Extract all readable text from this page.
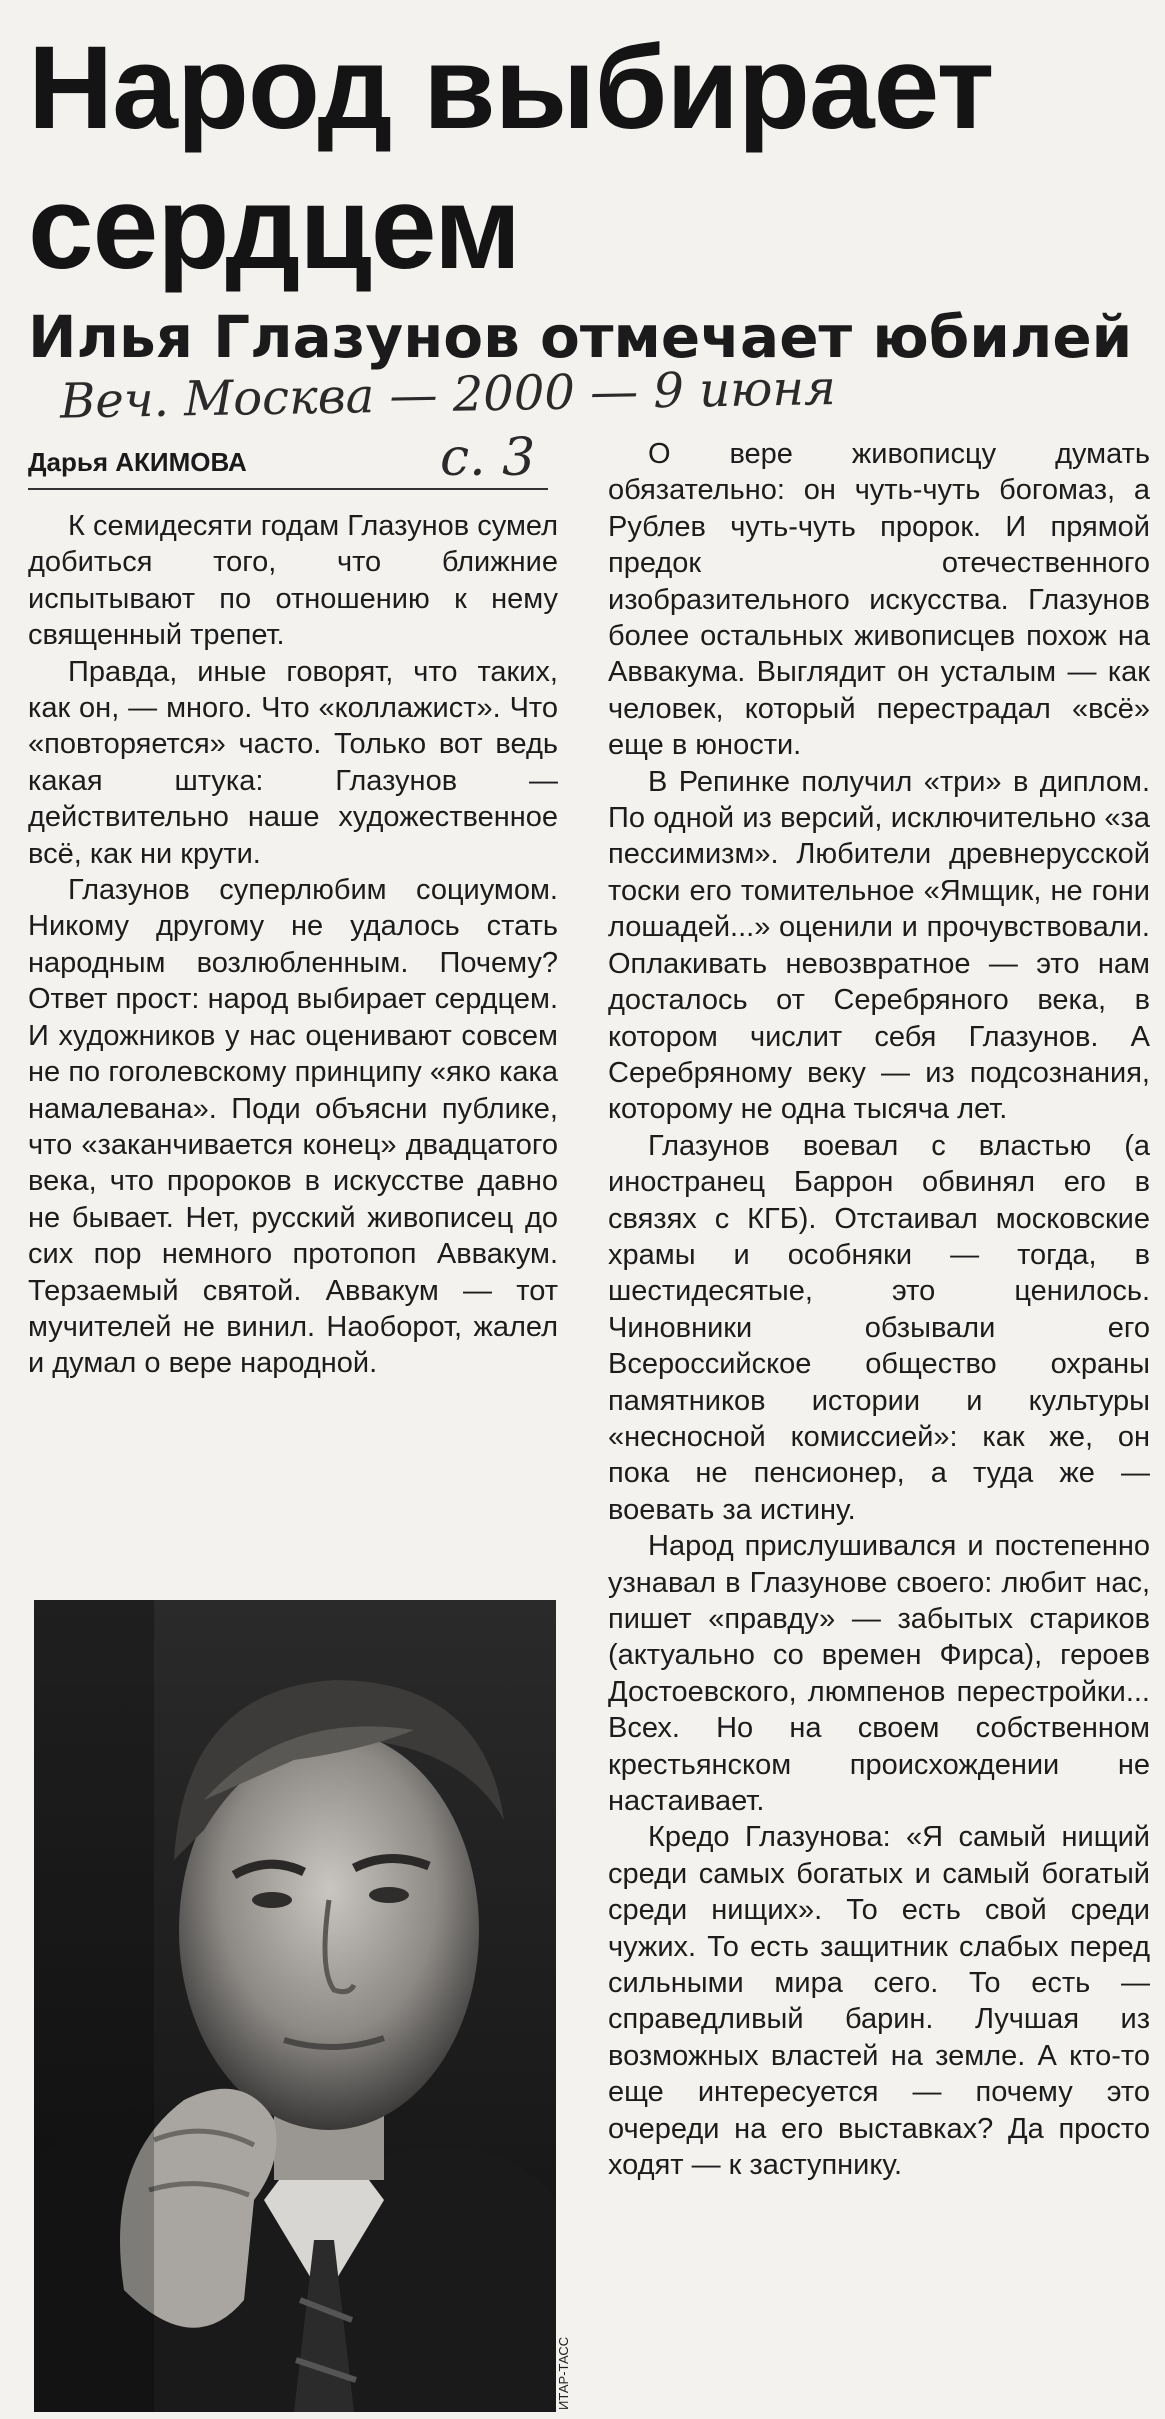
Народ выбирает
сердцем
Илья Глазунов отмечает юбилей
Веч. Москва — 2000 — 9 июня
Дарья АКИМОВА	с. 3

К семидесяти годам Глазунов сумел добиться того, что ближние испытывают по отношению к нему священный трепет.

Правда, иные говорят, что таких, как он, — много. Что «коллажист». Что «повторяется» часто. Только вот ведь какая штука: Глазунов — действительно наше художественное всё, как ни крути.

Глазунов суперлюбим социумом. Никому другому не удалось стать народным возлюбленным. Почему? Ответ прост: народ выбирает сердцем. И художников у нас оценивают совсем не по гоголевскому принципу «яко кака намалевана». Поди объясни публике, что «заканчивается конец» двадцатого века, что пророков в искусстве давно не бывает. Нет, русский живописец до сих пор немного протопоп Аввакум. Терзаемый святой. Аввакум — тот мучителей не винил. Наоборот, жалел и думал о вере народной.

ИТАР-ТАСС

О вере живописцу думать обязательно: он чуть-чуть богомаз, а Рублев чуть-чуть пророк. И прямой предок отечественного изобразительного искусства. Глазунов более остальных живописцев похож на Аввакума. Выглядит он усталым — как человек, который перестрадал «всё» еще в юности.

В Репинке получил «три» в диплом. По одной из версий, исключительно «за пессимизм». Любители древнерусской тоски его томительное «Ямщик, не гони лошадей...» оценили и прочувствовали. Оплакивать невозвратное — это нам досталось от Серебряного века, в котором числит себя Глазунов. А Серебряному веку — из подсознания, которому не одна тысяча лет.

Глазунов воевал с властью (а иностранец Баррон обвинял его в связях с КГБ). Отстаивал московские храмы и особняки — тогда, в шестидесятые, это ценилось. Чиновники обзывали его Всероссийское общество охраны памятников истории и культуры «несносной комиссией»: как же, он пока не пенсионер, а туда же — воевать за истину.

Народ прислушивался и постепенно узнавал в Глазунове своего: любит нас, пишет «правду» — забытых стариков (актуально со времен Фирса), героев Достоевского, люмпенов перестройки... Всех. Но на своем собственном крестьянском происхождении не настаивает.

Кредо Глазунова: «Я самый нищий среди самых богатых и самый богатый среди нищих». То есть свой среди чужих. То есть защитник слабых перед сильными мира сего. То есть — справедливый барин. Лучшая из возможных властей на земле. А кто-то еще интересуется — почему это очереди на его выставках? Да просто ходят — к заступнику.
